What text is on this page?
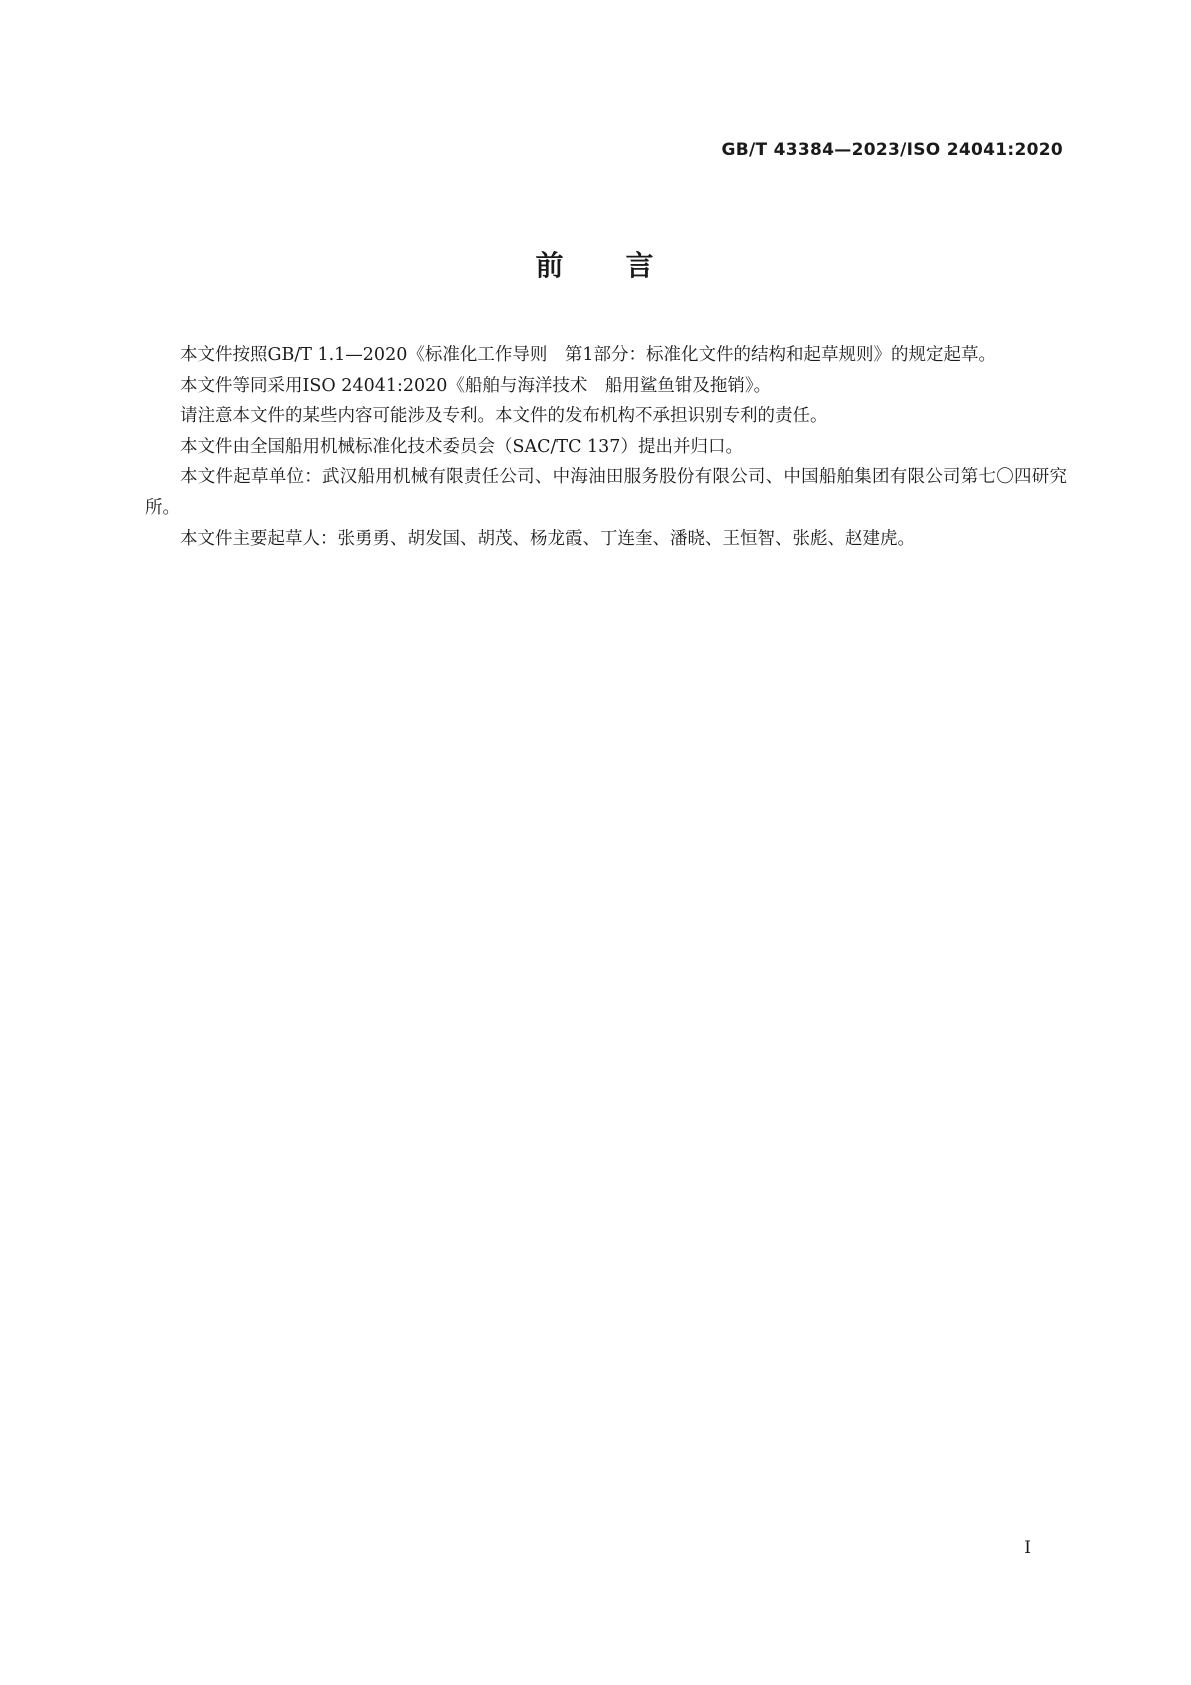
GB/T 43384—2023/ISO 24041:2020
前　　言

本文件按照GB/T 1.1—2020《标准化工作导则　第1部分：标准化文件的结构和起草规则》的规定起草。

本文件等同采用ISO 24041:2020《船舶与海洋技术　船用鲨鱼钳及拖销》。

请注意本文件的某些内容可能涉及专利。本文件的发布机构不承担识别专利的责任。

本文件由全国船用机械标准化技术委员会（SAC/TC 137）提出并归口。

本文件起草单位：武汉船用机械有限责任公司、中海油田服务股份有限公司、中国船舶集团有限公司第七〇四研究所。

本文件主要起草人：张勇勇、胡发国、胡茂、杨龙霞、丁连奎、潘晓、王恒智、张彪、赵建虎。

Ⅰ
